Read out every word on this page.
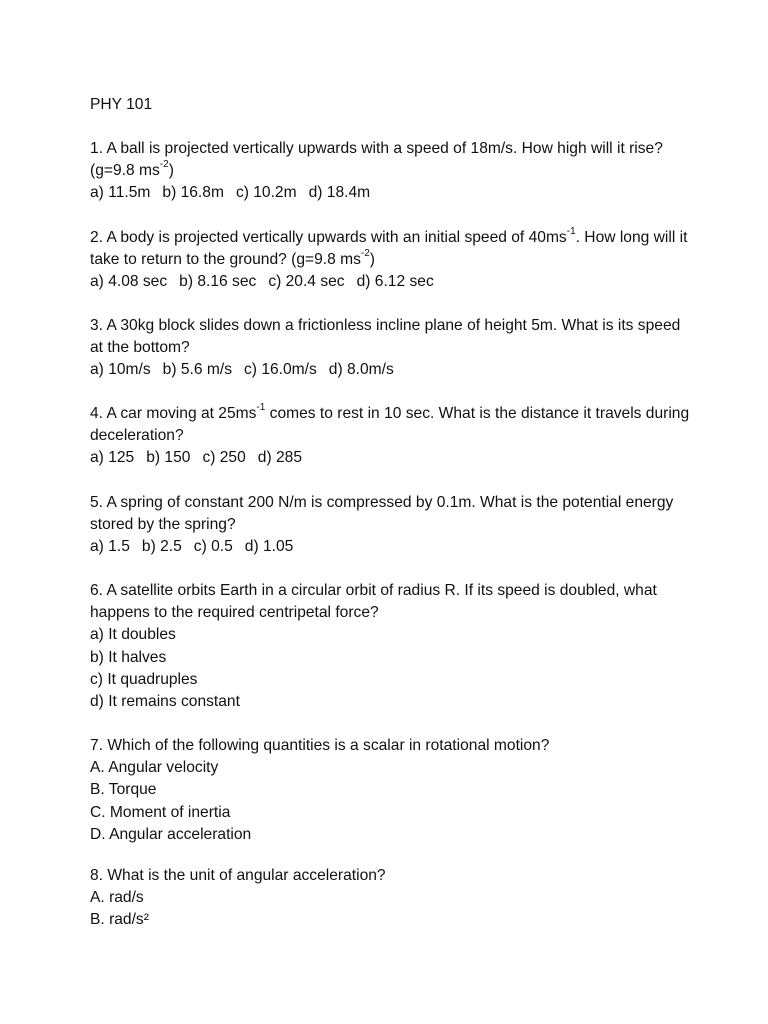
PHY 101
1. A ball is projected vertically upwards with a speed of 18m/s. How high will it rise? (g=9.8 $ms^{-2}$)
a) 11.5m b) 16.8m c) 10.2m d) 18.4m
2. A body is projected vertically upwards with an initial speed of $40ms^{-1}$. How long will it take to return to the ground? (g=9.8 $ms^{-2}$)
a) 4.08 sec b) 8.16 sec c) 20.4 sec d) 6.12 sec
3. A 30kg block slides down a frictionless incline plane of height 5m. What is its speed at the bottom?
a) 10m/s b) 5.6 m/s c) 16.0m/s d) 8.0m/s
4. A car moving at $25ms^{-1}$ comes to rest in 10 sec. What is the distance it travels during deceleration?
a) 125 b) 150 c) 250 d) 285
5. A spring of constant 200 N/m is compressed by 0.1m. What is the potential energy stored by the spring?
a) 1.5 b) 2.5 c) 0.5 d) 1.05
6. A satellite orbits Earth in a circular orbit of radius R. If its speed is doubled, what happens to the required centripetal force?
a) It doubles
b) It halves
c) It quadruples
d) It remains constant
7. Which of the following quantities is a scalar in rotational motion?
A. Angular velocity
B. Torque
C. Moment of inertia
D. Angular acceleration
8. What is the unit of angular acceleration?
A. rad/s
B. rad/s²
